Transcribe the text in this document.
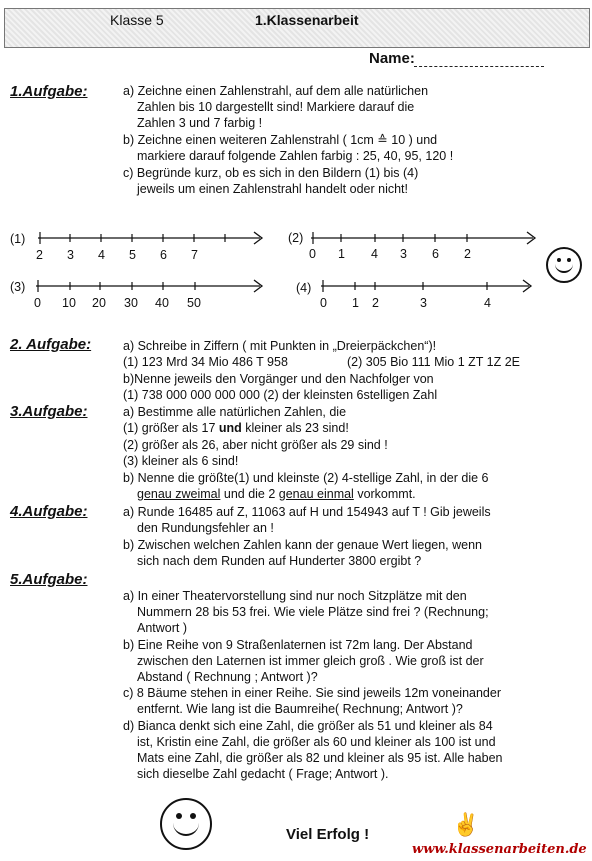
Klasse 5	1.Klassenarbeit
Name:
1.Aufgabe:	a) Zeichne einen Zahlenstrahl, auf dem alle natürlichen
Zahlen bis 10 dargestellt sind! Markiere darauf die
Zahlen 3 und 7 farbig !
b) Zeichne einen weiteren Zahlenstrahl ( 1cm ≙ 10 ) und
markiere darauf folgende Zahlen farbig : 25, 40, 95, 120 !
c) Begründe kurz, ob es sich in den Bildern (1) bis (4)
jeweils um einen Zahlenstrahl handelt oder nicht!
(1)
2 3 4 5 6 7
(2)
0 1 4 3 6 2
(3)
0 10 20 30 40 50
(4)
0 1 2	3	4
2. Aufgabe:	a) Schreibe in Ziffern ( mit Punkten in „Dreierpäckchen“)!
(1) 123 Mrd 34 Mio 486 T 958	(2) 305 Bio 111 Mio 1 ZT 1Z 2E
b)Nenne jeweils den Vorgänger und den Nachfolger von
(1) 738 000 000 000 000 (2) der kleinsten 6stelligen Zahl
3.Aufgabe:	a) Bestimme alle natürlichen Zahlen, die
(1) größer als 17 und kleiner als 23 sind!
(2) größer als 26, aber nicht größer als 29 sind !
(3) kleiner als 6 sind!
b) Nenne die größte(1) und kleinste (2) 4-stellige Zahl, in der die 6
genau zweimal und die 2 genau einmal vorkommt.
4.Aufgabe:	a) Runde 16485 auf Z, 11063 auf H und 154943 auf T ! Gib jeweils
den Rundungsfehler an !
b) Zwischen welchen Zahlen kann der genaue Wert liegen, wenn
sich nach dem Runden auf Hunderter 3800 ergibt ?
5.Aufgabe:
a) In einer Theatervorstellung sind nur noch Sitzplätze mit den
Nummern 28 bis 53 frei. Wie viele Plätze sind frei ? (Rechnung;
Antwort )
b) Eine Reihe von 9 Straßenlaternen ist 72m lang. Der Abstand
zwischen den Laternen ist immer gleich groß . Wie groß ist der
Abstand ( Rechnung ; Antwort )?
c) 8 Bäume stehen in einer Reihe. Sie sind jeweils 12m voneinander
entfernt. Wie lang ist die Baumreihe( Rechnung; Antwort )?
d) Bianca denkt sich eine Zahl, die größer als 51 und kleiner als 84
ist, Kristin eine Zahl, die größer als 60 und kleiner als 100 ist und
Mats eine Zahl, die größer als 82 und kleiner als 95 ist. Alle haben
sich dieselbe Zahl gedacht ( Frage; Antwort ).
Viel Erfolg !	✌
www.klassenarbeiten.de
